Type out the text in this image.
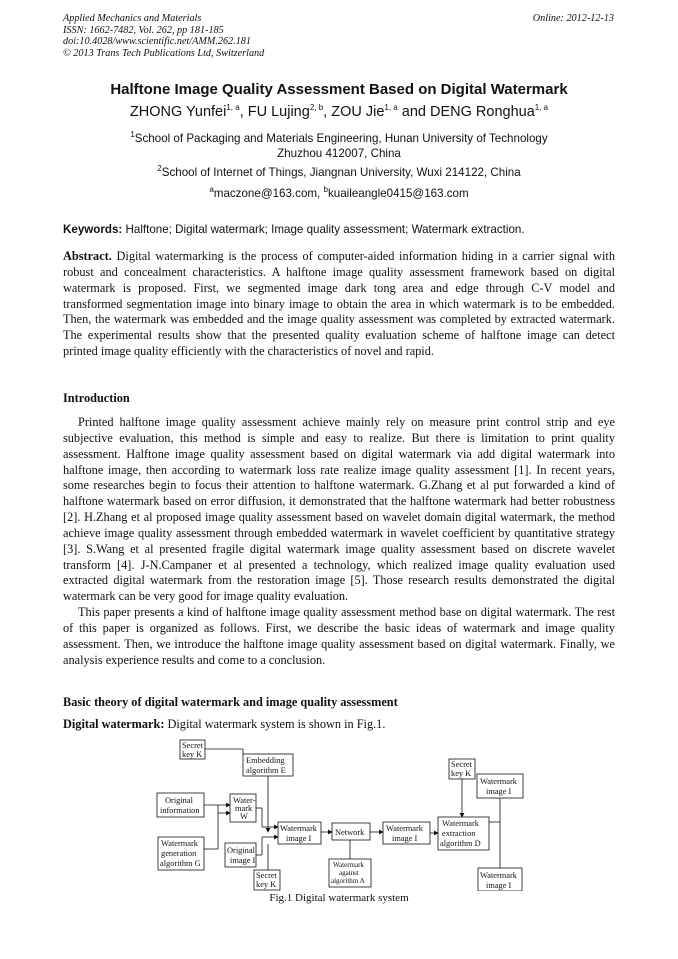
Applied Mechanics and Materials
ISSN: 1662-7482, Vol. 262, pp 181-185
doi:10.4028/www.scientific.net/AMM.262.181
© 2013 Trans Tech Publications Ltd, Switzerland
Online: 2012-12-13
Halftone Image Quality Assessment Based on Digital Watermark
ZHONG Yunfei$^{1, a}$, FU Lujing$^{2, b}$, ZOU Jie$^{1, a}$ and DENG Ronghua$^{1, a}$
$^1$School of Packaging and Materials Engineering, Hunan University of Technology
Zhuzhou 412007, China
$^2$School of Internet of Things, Jiangnan University, Wuxi 214122, China
$^a$maczone@163.com, $^b$kuaileangle0415@163.com
Keywords: Halftone; Digital watermark; Image quality assessment; Watermark extraction.

Abstract. Digital watermarking is the process of computer-aided information hiding in a carrier signal with robust and concealment characteristics. A halftone image quality assessment framework based on digital watermark is proposed. First, we segmented image dark tong area and edge through C-V model and transformed segmentation image into binary image to obtain the area in which watermark is to be embedded. Then, the watermark was embedded and the image quality assessment was completed by extracted watermark. The experimental results show that the presented quality evaluation scheme of halftone image can detect printed image quality efficiently with the characteristics of novel and rapid.

Introduction

Printed halftone image quality assessment achieve mainly rely on measure print control strip and eye subjective evaluation, this method is simple and easy to realize. But there is limitation to print quality assessment. Halftone image quality assessment based on digital watermark via add digital watermark into halftone image, then according to watermark loss rate realize image quality assessment [1]. In recent years, some researches begin to focus their attention to halftone watermark. G.Zhang et al put forwarded a kind of halftone watermark based on error diffusion, it demonstrated that the halftone watermark had better robustness [2]. H.Zhang et al proposed image quality assessment based on wavelet domain digital watermark, the method achieve image quality assessment through embedded watermark in wavelet coefficient by quantitative strategy [3]. S.Wang et al presented fragile digital watermark image quality assessment based on discrete wavelet transform [4]. J-N.Campaner et al presented a technology, which realized image quality evaluation used extracted digital watermark from the restoration image [5]. Those research results demonstrated the digital watermark can be very good for image quality evaluation.

This paper presents a kind of halftone image quality assessment method base on digital watermark. The rest of this paper is organized as follows. First, we describe the basic ideas of watermark and image quality assessment. Then, we introduce the halftone image quality assessment based on digital watermark. Finally, we analysis experience results and come to a conclusion.

Basic theory of digital watermark and image quality assessment

Digital watermark: Digital watermark system is shown in Fig.1.

Secret
key K
Embedding
algorithm E
Original
information
Water-
mark
W
Watermark
generation
algorithm G
Original
image I
Secret
key K
Watermark
image I
Network
Watermark
against
algorithm A
Watermark
image I
Secret
key K
Watermark
image I
Watermark
extraction
algorithm D
Watermark
image I
Fig.1 Digital watermark system
